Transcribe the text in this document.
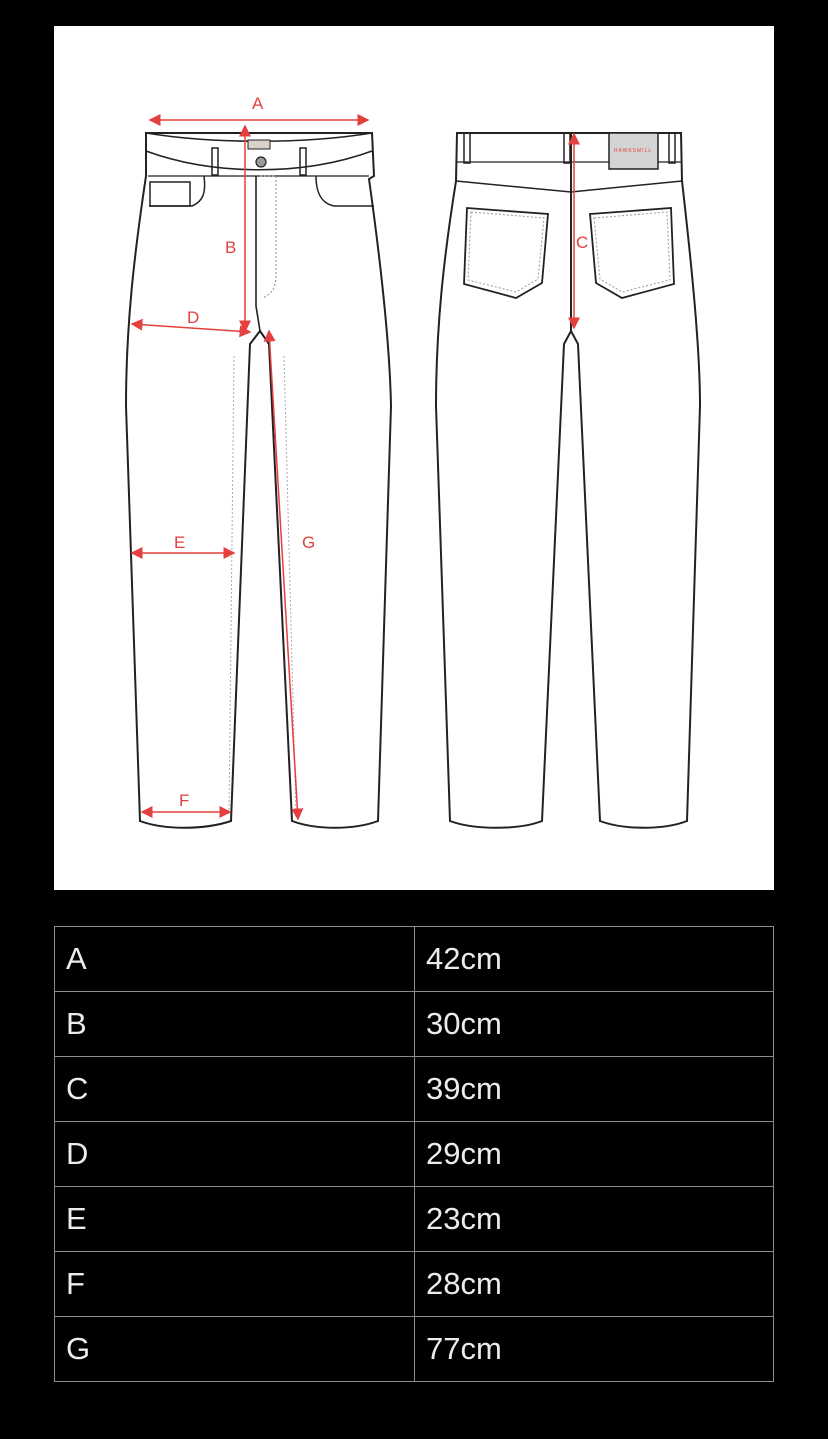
A
B
D
E	G
F
HAWKSMILL
C
A	42cm
B	30cm
C	39cm
D	29cm
E	23cm
F	28cm
G	77cm
